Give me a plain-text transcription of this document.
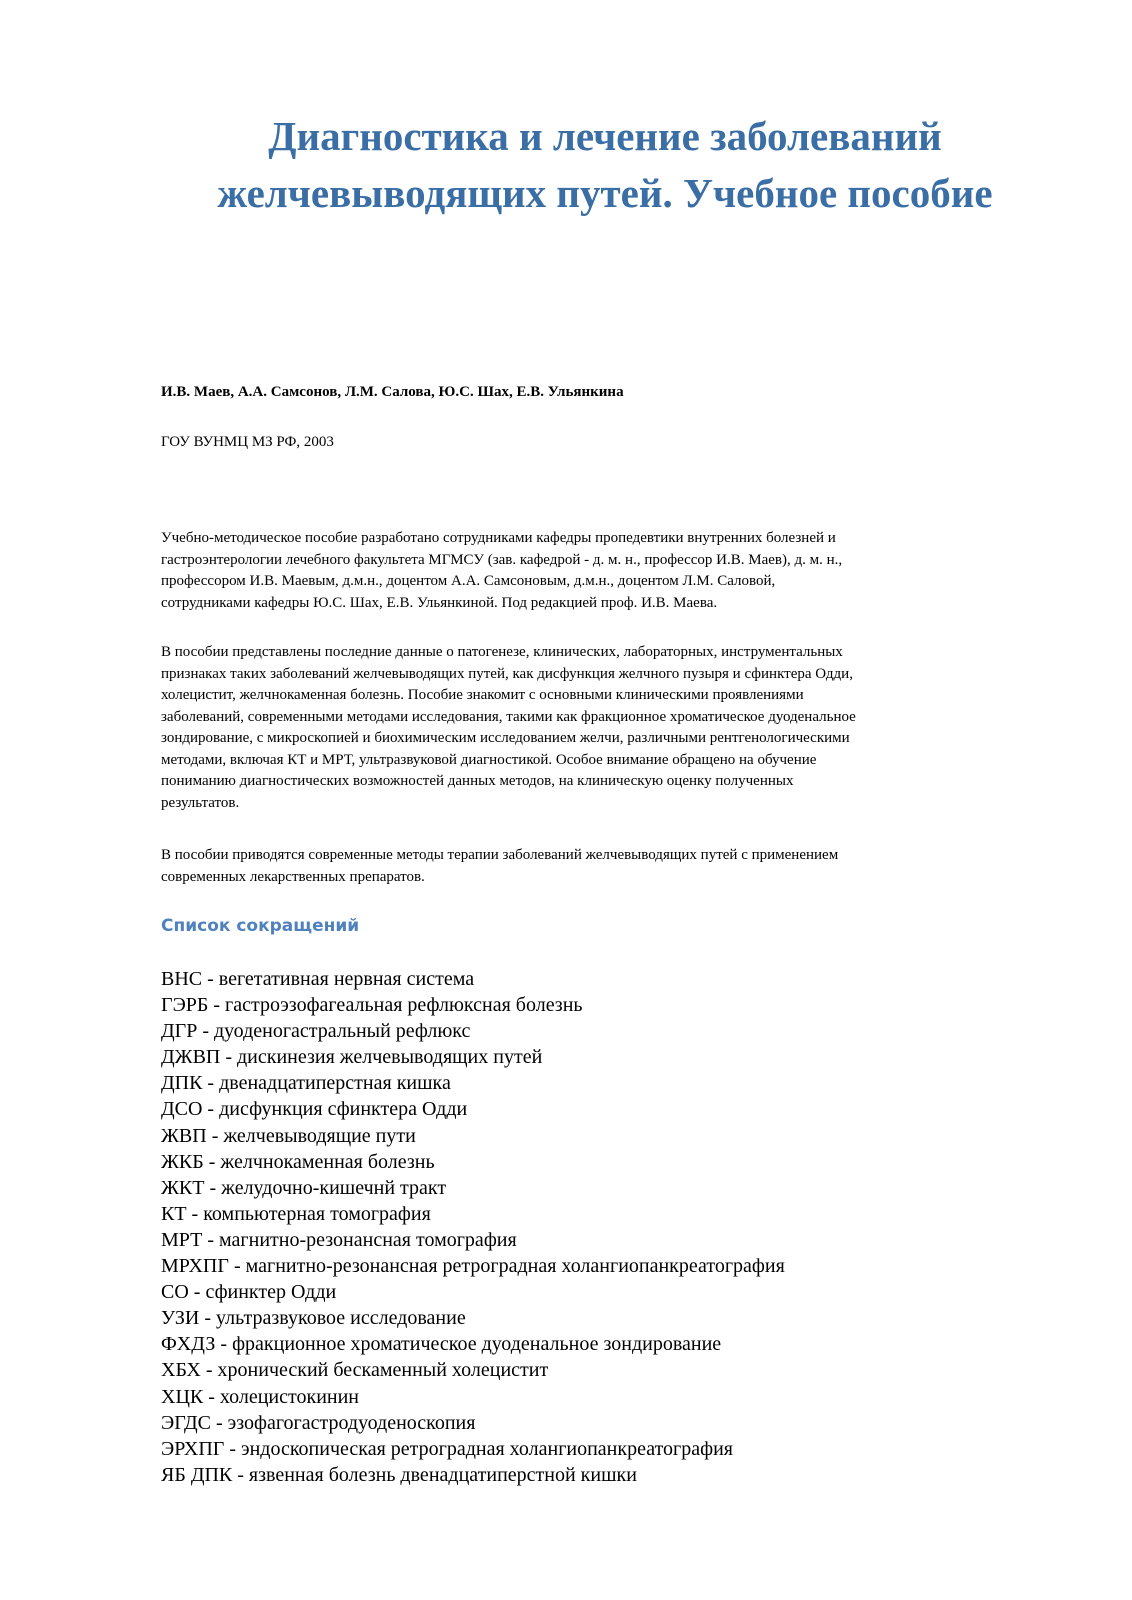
Диагностика и лечение заболеваний
желчевыводящих путей. Учебное пособие
И.В. Маев, А.А. Самсонов, Л.М. Салова, Ю.С. Шах, Е.В. Ульянкина
ГОУ ВУНМЦ МЗ РФ, 2003
Учебно-методическое пособие разработано сотрудниками кафедры пропедевтики внутренних болезней и
гастроэнтерологии лечебного факультета МГМСУ (зав. кафедрой - д. м. н., профессор И.В. Маев), д. м. н.,
профессором И.В. Маевым, д.м.н., доцентом А.А. Самсоновым, д.м.н., доцентом Л.М. Саловой,
сотрудниками кафедры Ю.С. Шах, Е.В. Ульянкиной. Под редакцией проф. И.В. Маева.
В пособии представлены последние данные о патогенезе, клинических, лабораторных, инструментальных
признаках таких заболеваний желчевыводящих путей, как дисфункция желчного пузыря и сфинктера Одди,
холецистит, желчнокаменная болезнь. Пособие знакомит с основными клиническими проявлениями
заболеваний, современными методами исследования, такими как фракционное хроматическое дуоденальное
зондирование, с микроскопией и биохимическим исследованием желчи, различными рентгенологическими
методами, включая КТ и МРТ, ультразвуковой диагностикой. Особое внимание обращено на обучение
пониманию диагностических возможностей данных методов, на клиническую оценку полученных
результатов.
В пособии приводятся современные методы терапии заболеваний желчевыводящих путей с применением
современных лекарственных препаратов.
Список сокращений
ВНС - вегетативная нервная система
ГЭРБ - гастроэзофагеальная рефлюксная болезнь
ДГР - дуоденогастральный рефлюкс
ДЖВП - дискинезия желчевыводящих путей
ДПК - двенадцатиперстная кишка
ДСО - дисфункция сфинктера Одди
ЖВП - желчевыводящие пути
ЖКБ - желчнокаменная болезнь
ЖКТ - желудочно-кишечнй тракт
КТ - компьютерная томография
МРТ - магнитно-резонансная томография
МРХПГ - магнитно-резонансная ретроградная холангиопанкреатография
СО - сфинктер Одди
УЗИ - ультразвуковое исследование
ФХДЗ - фракционное хроматическое дуоденальное зондирование
ХБХ - хронический бескаменный холецистит
ХЦК - холецистокинин
ЭГДС - эзофагогастродуоденоскопия
ЭРХПГ - эндоскопическая ретроградная холангиопанкреатография
ЯБ ДПК - язвенная болезнь двенадцатиперстной кишки
